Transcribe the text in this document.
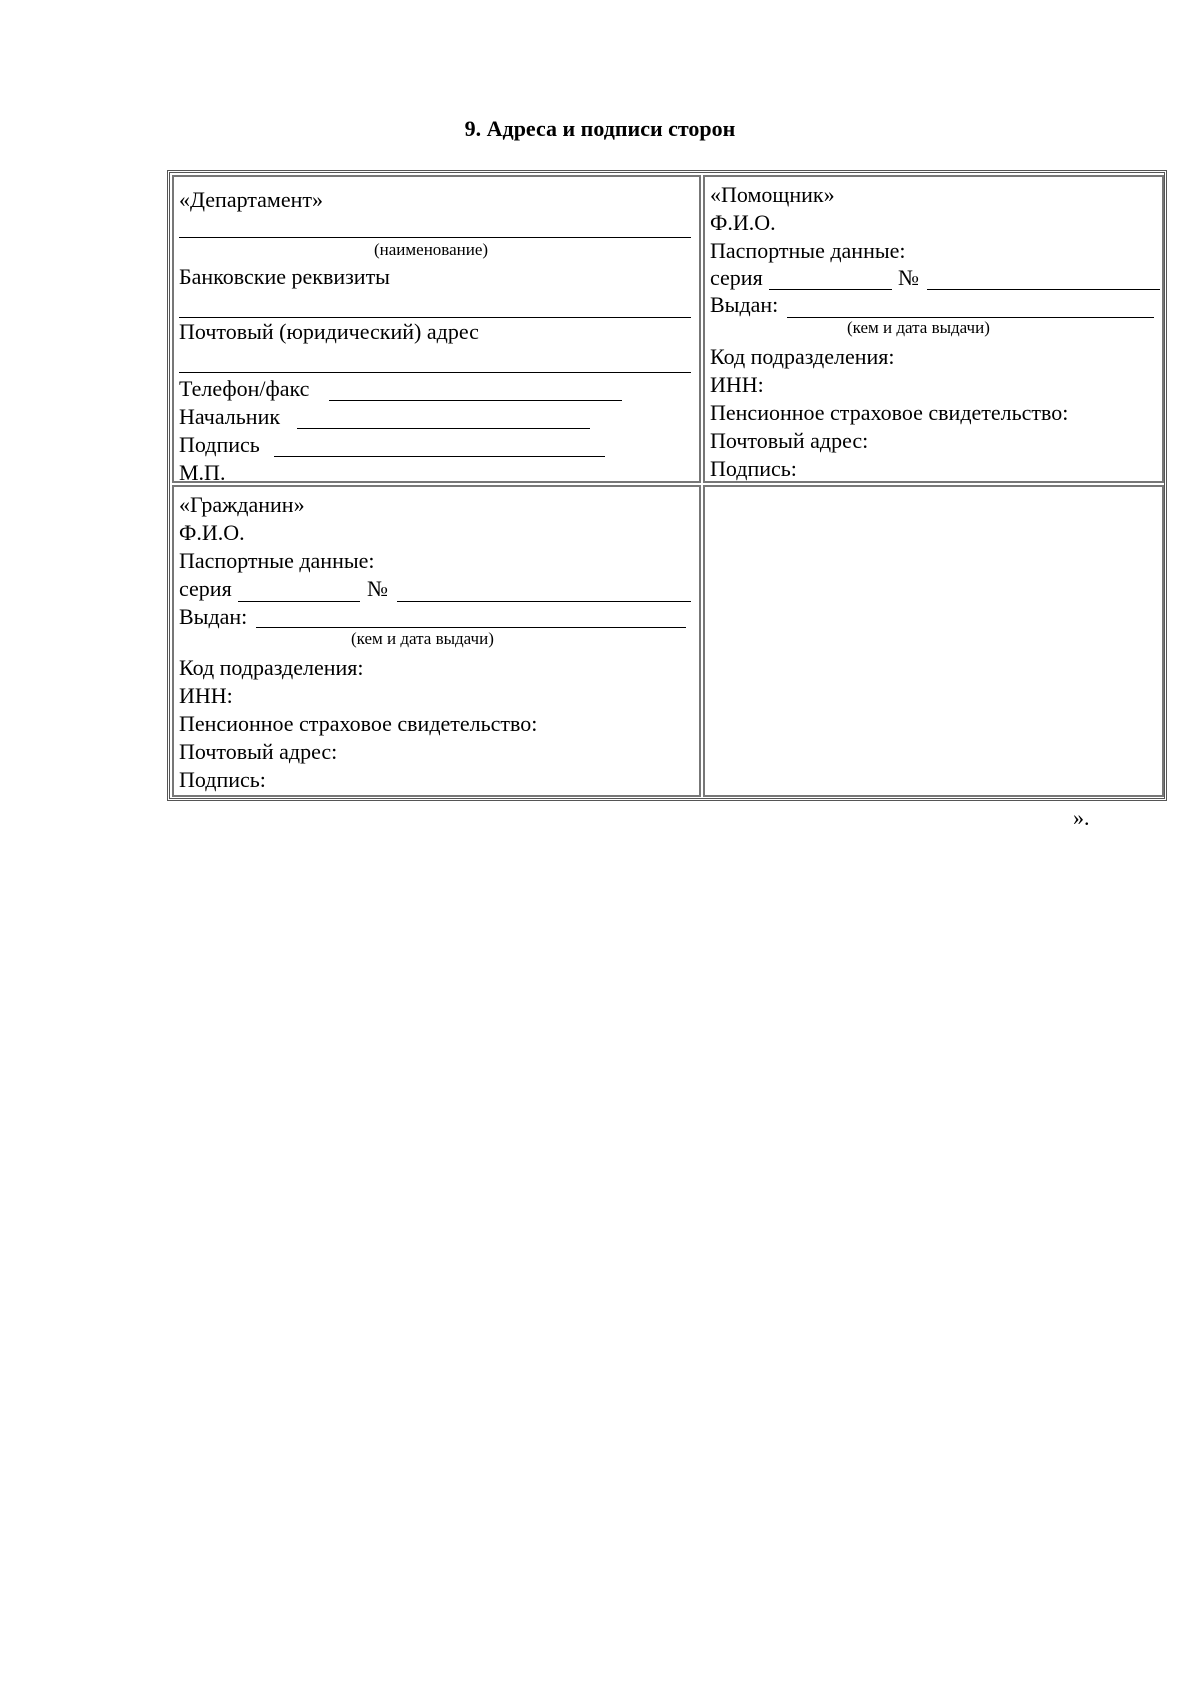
9. Адреса и подписи сторон
«Департамент»
(наименование)
Банковские реквизиты
Почтовый (юридический) адрес
Телефон/факс
Начальник
Подпись
М.П.
«Помощник»
Ф.И.О.
Паспортные данные:
серия	№
Выдан:
(кем и дата выдачи)
Код подразделения:
ИНН:
Пенсионное страховое свидетельство:
Почтовый адрес:
Подпись:
«Гражданин»
Ф.И.О.
Паспортные данные:
серия	№
Выдан:
(кем и дата выдачи)
Код подразделения:
ИНН:
Пенсионное страховое свидетельство:
Почтовый адрес:
Подпись:
».
